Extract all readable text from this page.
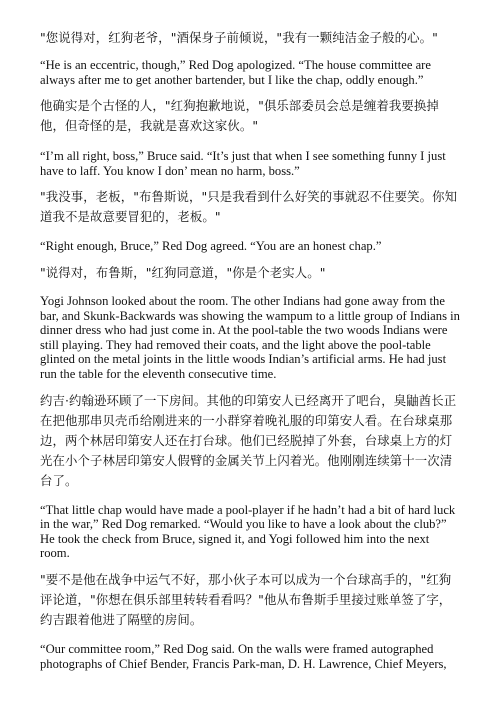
"您说得对，红狗老爷，"酒保身子前倾说，"我有一颗纯洁金子般的心。"

“He is an eccentric, though,” Red Dog apologized. “The house committee are always after me to get another bartender, but I like the chap, oddly enough.”

他确实是个古怪的人，"红狗抱歉地说，"俱乐部委员会总是缠着我要换掉他，但奇怪的是，我就是喜欢这家伙。"

“I’m all right, boss,” Bruce said. “It’s just that when I see something funny I just have to laff. You know I don’ mean no harm, boss.”

"我没事，老板，"布鲁斯说，"只是我看到什么好笑的事就忍不住要笑。你知道我不是故意要冒犯的，老板。"

“Right enough, Bruce,” Red Dog agreed. “You are an honest chap.”

"说得对，布鲁斯，"红狗同意道，"你是个老实人。"

Yogi Johnson looked about the room. The other Indians had gone away from the bar, and Skunk-Backwards was showing the wampum to a little group of Indians in dinner dress who had just come in. At the pool-table the two woods Indians were still playing. They had removed their coats, and the light above the pool-table glinted on the metal joints in the little woods Indian’s artificial arms. He had just run the table for the eleventh consecutive time.

约吉·约翰逊环顾了一下房间。其他的印第安人已经离开了吧台，臭鼬酋长正在把他那串贝壳币给刚进来的一小群穿着晚礼服的印第安人看。在台球桌那边，两个林居印第安人还在打台球。他们已经脱掉了外套，台球桌上方的灯光在小个子林居印第安人假臂的金属关节上闪着光。他刚刚连续第十一次清台了。

“That little chap would have made a pool-player if he hadn’t had a bit of hard luck in the war,” Red Dog remarked. “Would you like to have a look about the club?” He took the check from Bruce, signed it, and Yogi followed him into the next room.

"要不是他在战争中运气不好，那小伙子本可以成为一个台球高手的，"红狗评论道，"你想在俱乐部里转转看看吗？"他从布鲁斯手里接过账单签了字，约吉跟着他进了隔壁的房间。

“Our committee room,” Red Dog said. On the walls were framed autographed photographs of Chief Bender, Francis Park-man, D. H. Lawrence, Chief Meyers,
